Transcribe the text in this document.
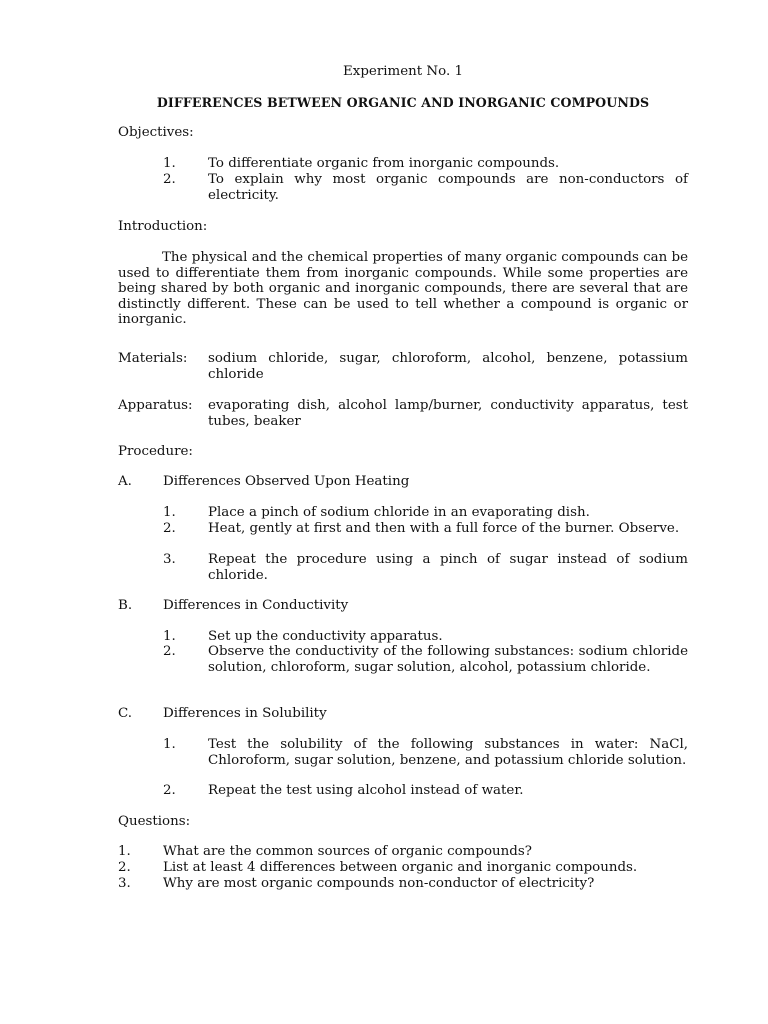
Experiment No. 1
DIFFERENCES BETWEEN ORGANIC AND INORGANIC COMPOUNDS
Objectives:
1. To differentiate organic from inorganic compounds.
2. To explain why most organic compounds are non-conductors of electricity.
Introduction:
The physical and the chemical properties of many organic compounds can be used to differentiate them from inorganic compounds. While some properties are being shared by both organic and inorganic compounds, there are several that are distinctly different. These can be used to tell whether a compound is organic or inorganic.
Materials: sodium chloride, sugar, chloroform, alcohol, benzene, potassium chloride
Apparatus: evaporating dish, alcohol lamp/burner, conductivity apparatus, test tubes, beaker
Procedure:
A. Differences Observed Upon Heating
1. Place a pinch of sodium chloride in an evaporating dish.
2. Heat, gently at first and then with a full force of the burner. Observe.
3. Repeat the procedure using a pinch of sugar instead of sodium chloride.
B. Differences in Conductivity
1. Set up the conductivity apparatus.
2. Observe the conductivity of the following substances: sodium chloride solution, chloroform, sugar solution, alcohol, potassium chloride.
C. Differences in Solubility
1. Test the solubility of the following substances in water: NaCl, Chloroform, sugar solution, benzene, and potassium chloride solution.
2. Repeat the test using alcohol instead of water.
Questions:
1. What are the common sources of organic compounds?
2. List at least 4 differences between organic and inorganic compounds.
3. Why are most organic compounds non-conductor of electricity?
